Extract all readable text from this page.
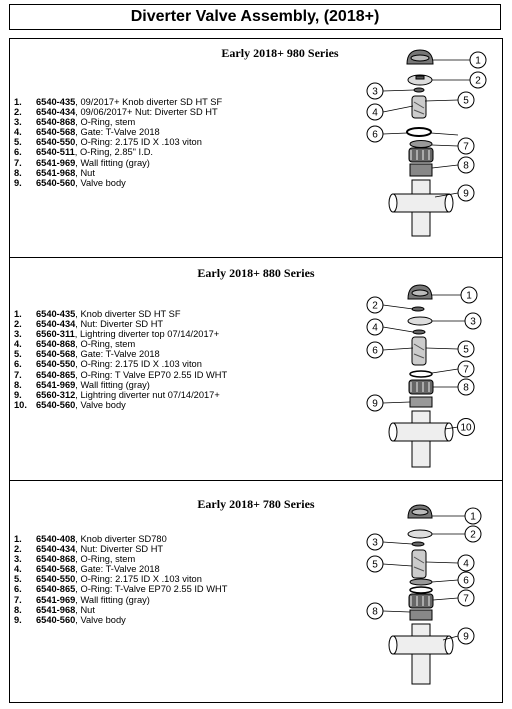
Diverter Valve Assembly, (2018+)
Early 2018+ 980 Series
1. 6540-435, 09/2017+ Knob diverter SD HT SF
2. 6540-434, 09/06/2017+ Nut: Diverter SD HT
3. 6540-868, O-Ring, stem
4. 6540-568, Gate: T-Valve 2018
5. 6540-550, O-Ring: 2.175 ID X .103 viton
6. 6540-511, O-Ring, 2.85" I.D.
7. 6541-969, Wall fitting (gray)
8. 6541-968, Nut
9. 6540-560, Valve body
1
2
3
5
4
6
7
8
9
Early 2018+ 880 Series
1. 6540-435, Knob diverter SD HT SF
2. 6540-434, Nut: Diverter SD HT
3. 6560-311, Lightring diverter top 07/14/2017+
4. 6540-868, O-Ring, stem
5. 6540-568, Gate: T-Valve 2018
6. 6540-550, O-Ring: 2.175 ID X .103 viton
7. 6540-865, O-Ring: T Valve EP70 2.55 ID WHT
8. 6541-969, Wall fitting (gray)
9. 6560-312, Lightring diverter nut 07/14/2017+
10. 6540-560, Valve body
1
2
3
4
5
6
7
8
9
10
Early 2018+ 780 Series
1. 6540-408, Knob diverter SD780
2. 6540-434, Nut: Diverter SD HT
3. 6540-868, O-Ring, stem
4. 6540-568, Gate: T-Valve 2018
5. 6540-550, O-Ring: 2.175 ID X .103 viton
6. 6540-865, O-Ring: T-Valve EP70 2.55 ID WHT
7. 6541-969, Wall fitting (gray)
8. 6541-968, Nut
9. 6540-560, Valve body
1
2
3
4
5
6
7
8
9
